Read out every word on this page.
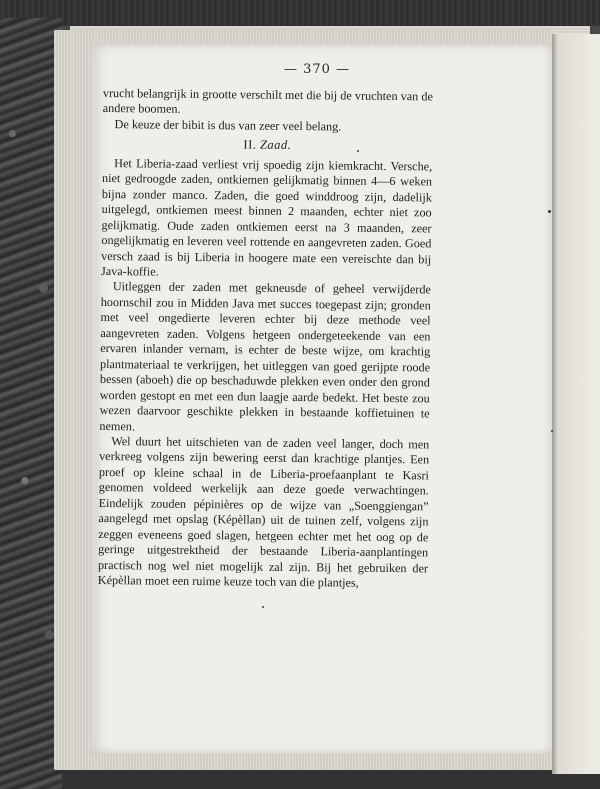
— 370 —

vrucht belangrijk in grootte verschilt met die bij de vruchten van de andere boomen.

De keuze der bibit is dus van zeer veel belang.

II. Zaad.

Het Liberia-zaad verliest vrij spoedig zijn kiemkracht. Versche, niet gedroogde zaden, ontkiemen gelijkmatig binnen 4—6 weken bijna zonder manco. Zaden, die goed winddroog zijn, dadelijk uitgelegd, ontkiemen meest binnen 2 maanden, echter niet zoo gelijkmatig. Oude zaden ontkiemen eerst na 3 maanden, zeer ongelijkmatig en leveren veel rottende en aangevreten zaden. Goed versch zaad is bij Liberia in hoogere mate een vereischte dan bij Java-koffie.

Uitleggen der zaden met gekneusde of geheel verwijderde hoornschil zou in Midden Java met succes toegepast zijn; gronden met veel ongedierte leveren echter bij deze methode veel aangevreten zaden. Volgens hetgeen ondergeteekende van een ervaren inlander vernam, is echter de beste wijze, om krachtig plantmateriaal te verkrijgen, het uitleggen van goed gerijpte roode bessen (aboeh) die op beschaduwde plekken even onder den grond worden gestopt en met een dun laagje aarde bedekt. Het beste zou wezen daarvoor geschikte plekken in bestaande koffietuinen te nemen.

Wel duurt het uitschieten van de zaden veel langer, doch men verkreeg volgens zijn bewering eerst dan krachtige plantjes. Een proef op kleine schaal in de Liberia-proefaanplant te Kasri genomen voldeed werkelijk aan deze goede verwachtingen. Eindelijk zouden pépinières op de wijze van „Soenggiengan” aangelegd met opslag (Képèllan) uit de tuinen zelf, volgens zijn zeggen eveneens goed slagen, hetgeen echter met het oog op de geringe uitgestrektheid der bestaande Liberia-aanplantingen practisch nog wel niet mogelijk zal zijn. Bij het gebruiken der Képèllan moet een ruime keuze toch van die plantjes,
